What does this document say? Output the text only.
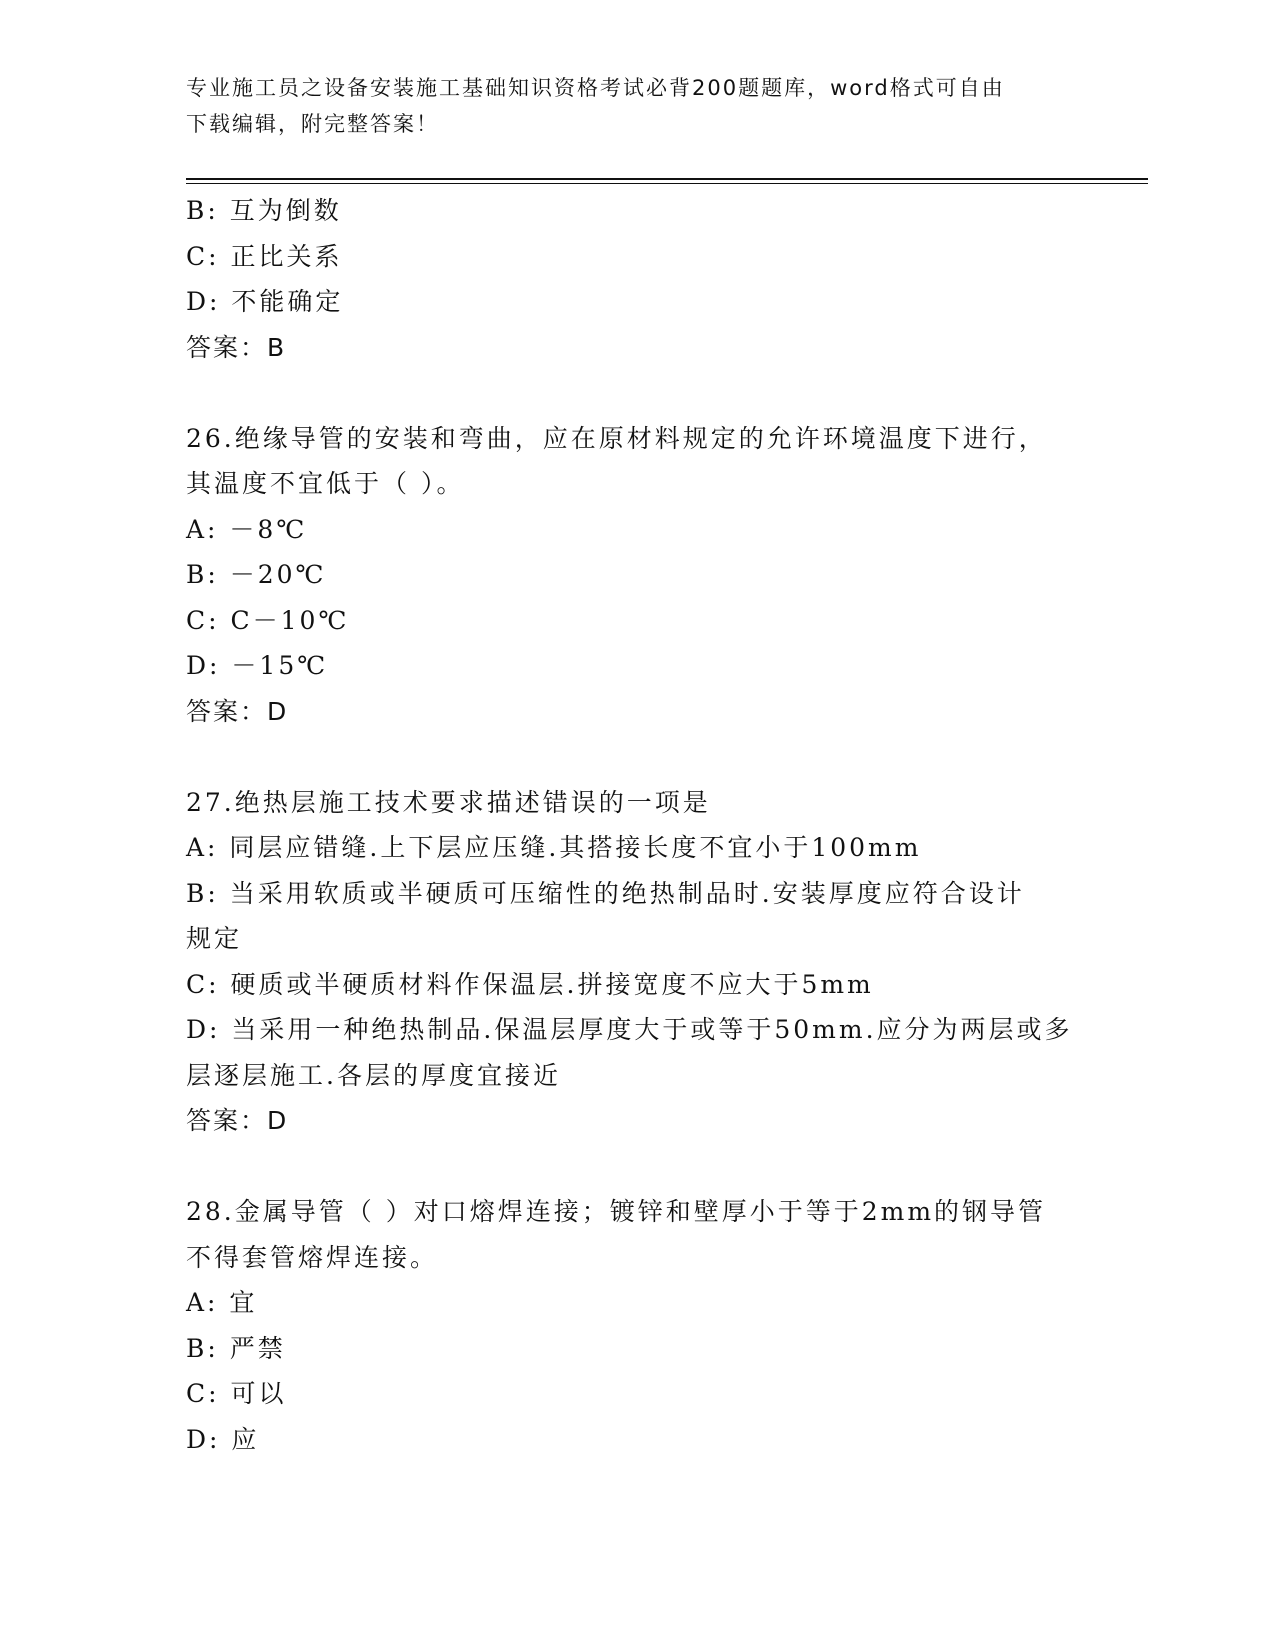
专业施工员之设备安装施工基础知识资格考试必背200题题库，word格式可自由
下载编辑，附完整答案！

B: 互为倒数

C: 正比关系

D: 不能确定

答案：B

26.绝缘导管的安装和弯曲，应在原材料规定的允许环境温度下进行，

其温度不宜低于（ ）。

A: －8℃

B: －20℃

C: C－10℃

D: －15℃

答案：D

27.绝热层施工技术要求描述错误的一项是

A: 同层应错缝.上下层应压缝.其搭接长度不宜小于100mm

B: 当采用软质或半硬质可压缩性的绝热制品时.安装厚度应符合设计

规定

C: 硬质或半硬质材料作保温层.拼接宽度不应大于5mm

D: 当采用一种绝热制品.保温层厚度大于或等于50mm.应分为两层或多

层逐层施工.各层的厚度宜接近

答案：D

28.金属导管（ ）对口熔焊连接；镀锌和壁厚小于等于2mm的钢导管

不得套管熔焊连接。

A: 宜

B: 严禁

C: 可以

D: 应
